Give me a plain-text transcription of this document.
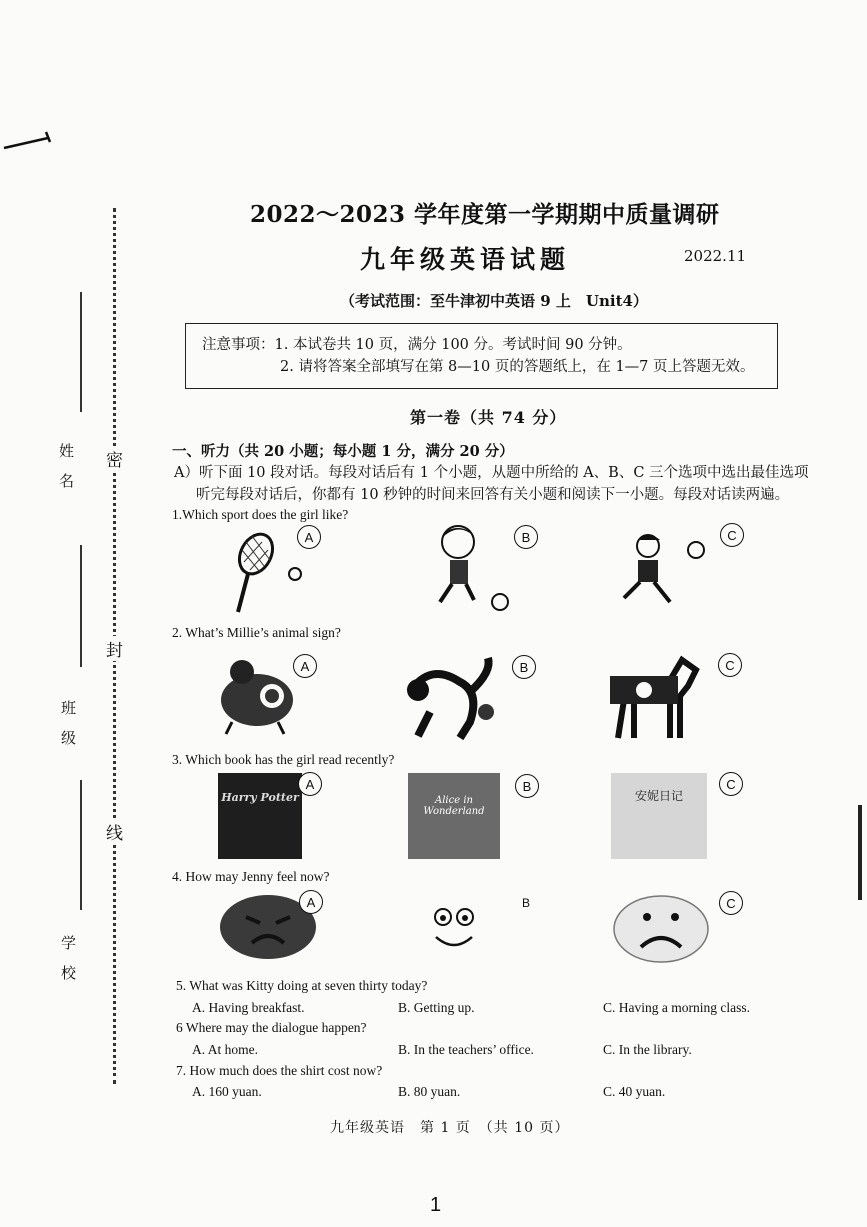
姓　名
班　级
学　校
密
封
线
2022～2023 学年度第一学期期中质量调研
九年级英语试题	2022.11
（考试范围：至牛津初中英语 9 上　Unit4）
注意事项：1. 本试卷共 10 页，满分 100 分。考试时间 90 分钟。
2. 请将答案全部填写在第 8—10 页的答题纸上，在 1—7 页上答题无效。
第一卷（共 74 分）
一、听力（共 20 小题；每小题 1 分，满分 20 分）
A）听下面 10 段对话。每段对话后有 1 个小题，从题中所给的 A、B、C 三个选项中选出最佳选项
听完每段对话后，你都有 10 秒钟的时间来回答有关小题和阅读下一小题。每段对话读两遍。
1.Which sport does the girl like?
A	B	C
2. What’s Millie’s animal sign?
A	B	C
3. Which book has the girl read recently?
Harry Potter
A
Alice in Wonderland
B
安妮日记
C
4. How may Jenny feel now?
A	B	C
5. What was Kitty doing at seven thirty today?
A. Having breakfast.	B. Getting up.	C. Having a morning class.
6 Where may the dialogue happen?
A. At home.	B. In the teachers’ office.	C. In the library.
7. How much does the shirt cost now?
A. 160 yuan.	B. 80 yuan.	C. 40 yuan.
九年级英语　第 1 页　（共 10 页）
1
